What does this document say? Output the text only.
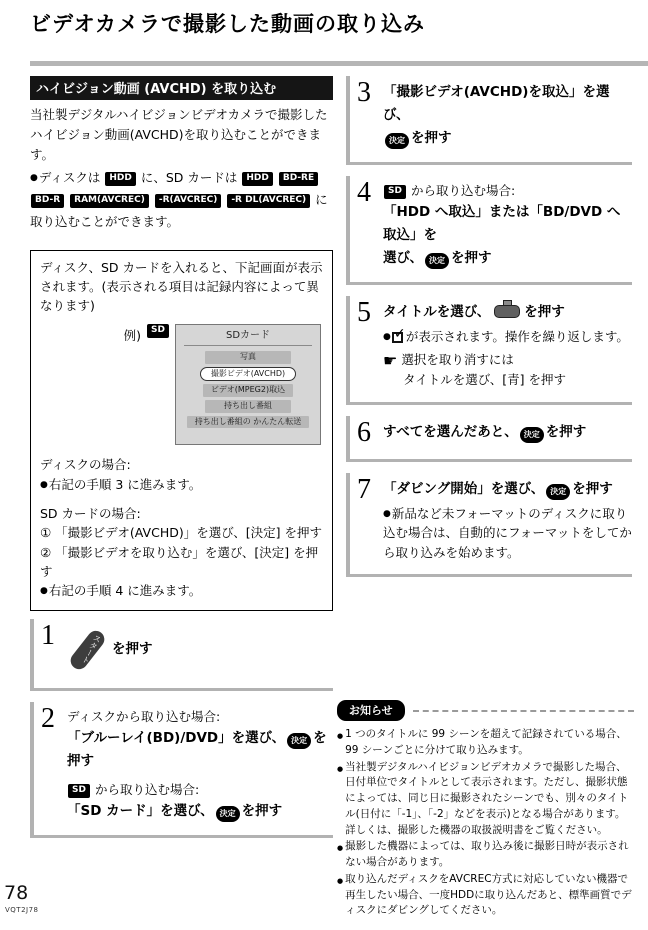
ビデオカメラで撮影した動画の取り込み
ハイビジョン動画 (AVCHD) を取り込む
当社製デジタルハイビジョンビデオカメラで撮影したハイビジョン動画(AVCHD)を取り込むことができます。
●ディスクは HDD に、SD カードは HDD BD-RE BD-R RAM(AVCREC) -R(AVCREC) -R DL(AVCREC) に取り込むことができます。
ディスク、SD カードを入れると、下記画面が表示されます。(表示される項目は記録内容によって異なります)
例)	SD	SDカード
写真
撮影ビデオ(AVCHD)
ビデオ(MPEG2)取込
持ち出し番組
持ち出し番組の かんたん転送
ディスクの場合:
●右記の手順 3 に進みます。
SD カードの場合:
① 「撮影ビデオ(AVCHD)」を選び、[決定] を押す
② 「撮影ビデオを取り込む」を選び、[決定] を押す
●右記の手順 4 に進みます。
1	スタート を押す
2 ディスクから取り込む場合:
「ブルーレイ(BD)/DVD」を選び、 決定 を押す
SD から取り込む場合:
「SD カード」を選び、 決定 を押す
3 「撮影ビデオ(AVCHD)を取込」を選び、
決定 を押す
4	SD から取り込む場合:
「HDD へ取込」または「BD/DVD へ取込」を
選び、 決定 を押す
5 タイトルを選び、	を押す
● ✓ が表示されます。操作を繰り返します。
☛ 選択を取り消すには
タイトルを選び、[青] を押す
6 すべてを選んだあと、 決定 を押す
7 「ダビング開始」を選び、 決定 を押す
●新品など未フォーマットのディスクに取り込む場合は、自動的にフォーマットをしてから取り込みを始めます。
お知らせ
● 1 つのタイトルに 99 シーンを超えて記録されている場合、99 シーンごとに分けて取り込みます。
● 当社製デジタルハイビジョンビデオカメラで撮影した場合、日付単位でタイトルとして表示されます。ただし、撮影状態によっては、同じ日に撮影されたシーンでも、別々のタイトル(日付に「-1」、「-2」などを表示)となる場合があります。詳しくは、撮影した機器の取扱説明書をご覧ください。
● 撮影した機器によっては、取り込み後に撮影日時が表示されない場合があります。
● 取り込んだディスクをAVCREC方式に対応していない機器で再生したい場合、一度HDDに取り込んだあと、標準画質でディスクにダビングしてください。
78
VQT2J78
